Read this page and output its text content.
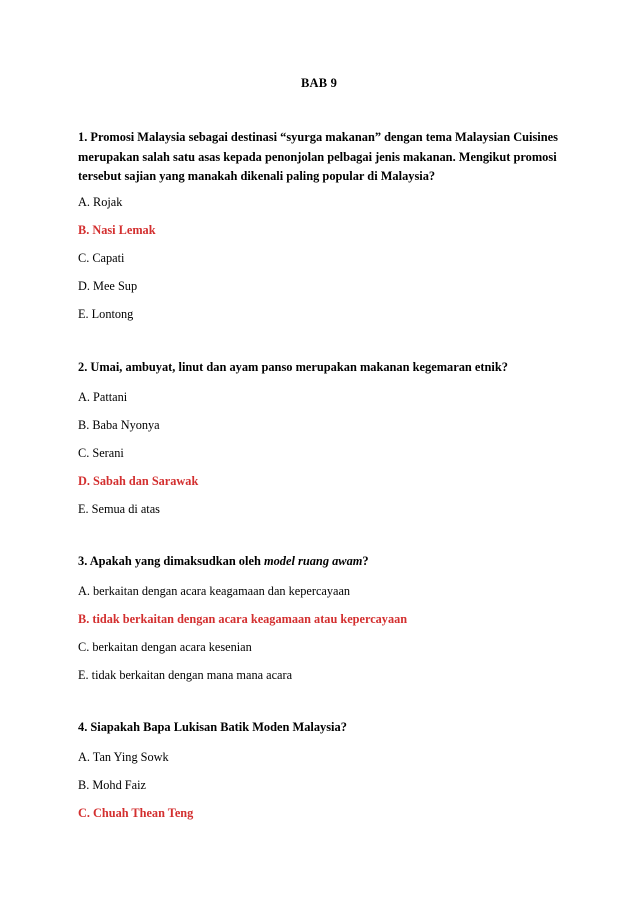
BAB 9
1. Promosi Malaysia sebagai destinasi “syurga makanan” dengan tema Malaysian Cuisines merupakan salah satu asas kepada penonjolan pelbagai jenis makanan. Mengikut promosi tersebut sajian yang manakah dikenali paling popular di Malaysia?
A. Rojak
B. Nasi Lemak
C. Capati
D. Mee Sup
E. Lontong
2. Umai, ambuyat, linut dan ayam panso merupakan makanan kegemaran etnik?
A. Pattani
B. Baba Nyonya
C. Serani
D. Sabah dan Sarawak
E. Semua di atas
3. Apakah yang dimaksudkan oleh model ruang awam?
A. berkaitan dengan acara keagamaan dan kepercayaan
B. tidak berkaitan dengan acara keagamaan atau kepercayaan
C. berkaitan dengan acara kesenian
E. tidak berkaitan dengan mana mana acara
4. Siapakah Bapa Lukisan Batik Moden Malaysia?
A. Tan Ying Sowk
B. Mohd Faiz
C. Chuah Thean Teng
